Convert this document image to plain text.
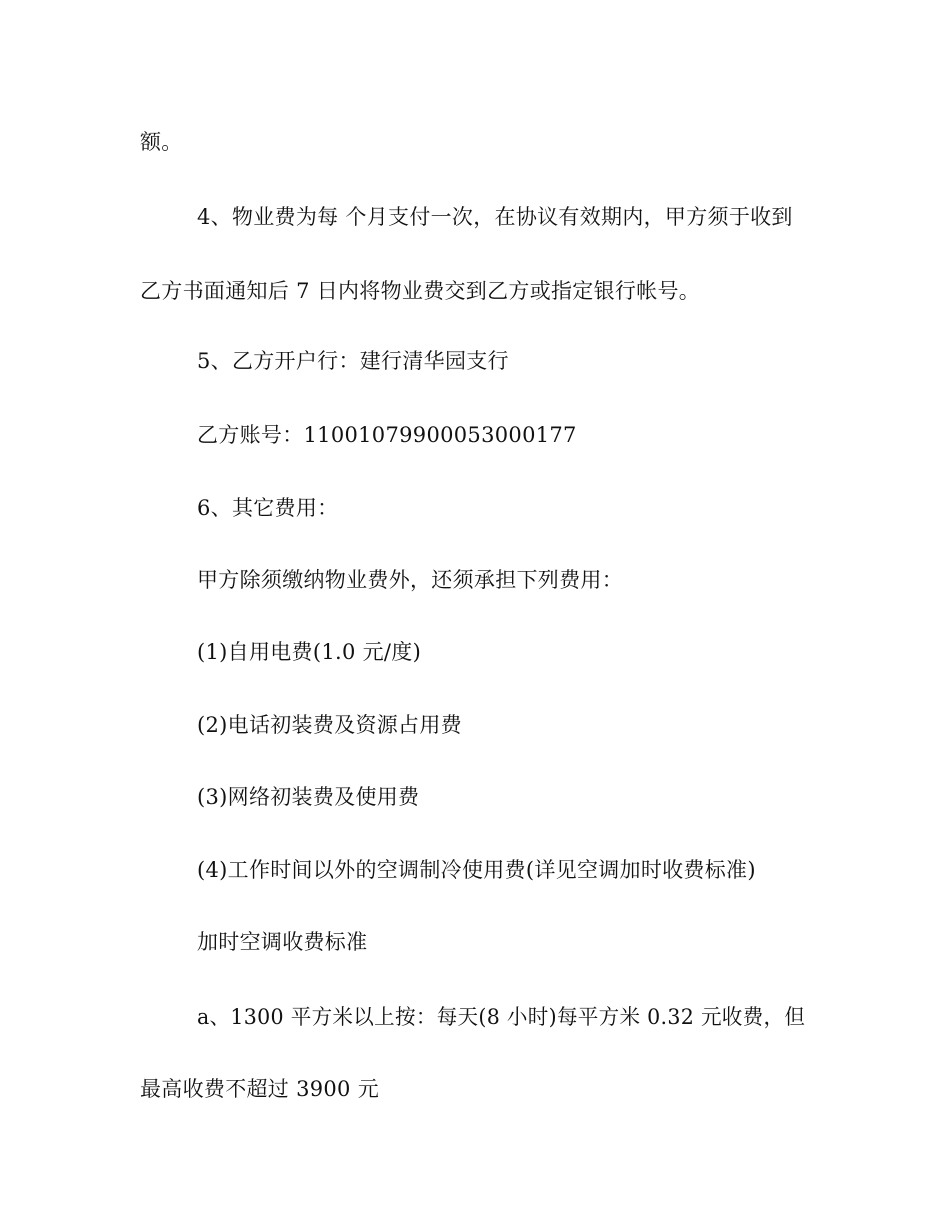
额。
4、物业费为每 个月支付一次，在协议有效期内，甲方须于收到
乙方书面通知后 7 日内将物业费交到乙方或指定银行帐号。
5、乙方开户行：建行清华园支行
乙方账号：11001079900053000177
6、其它费用：
甲方除须缴纳物业费外，还须承担下列费用：
(1)自用电费(1.0 元/度)
(2)电话初装费及资源占用费
(3)网络初装费及使用费
(4)工作时间以外的空调制冷使用费(详见空调加时收费标准)
加时空调收费标准
a、1300 平方米以上按：每天(8 小时)每平方米 0.32 元收费，但
最高收费不超过 3900 元
